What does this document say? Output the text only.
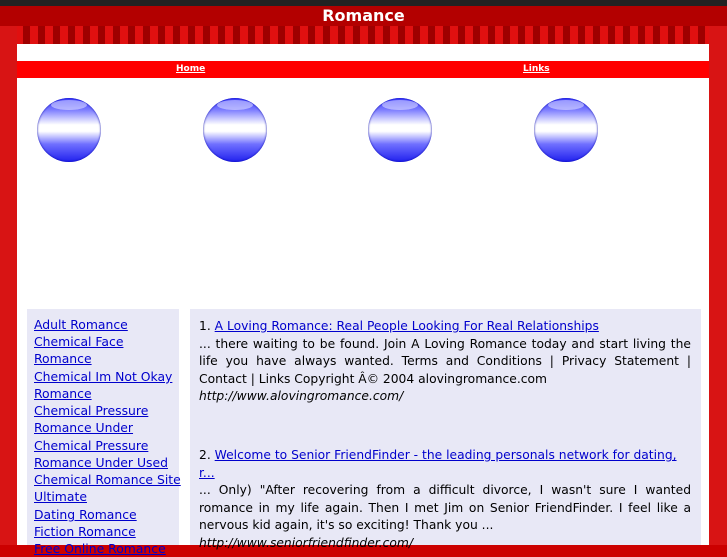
Romance
Home	Links
Adult Romance
Chemical Face
Romance
Chemical Im Not Okay
Romance
Chemical Pressure
Romance Under
Chemical Pressure
Romance Under Used
Chemical Romance Site
Ultimate
Dating Romance
Fiction Romance
Free Online Romance
1. A Loving Romance: Real People Looking For Real Relationships
... there waiting to be found. Join A Loving Romance today and start living the life you have always wanted. Terms and Conditions | Privacy Statement | Contact | Links Copyright Â© 2004 alovingromance.com
http://www.alovingromance.com/
2. Welcome to Senior FriendFinder - the leading personals network for dating, r...
... Only) "After recovering from a difficult divorce, I wasn't sure I wanted romance in my life again. Then I met Jim on Senior FriendFinder. I feel like a nervous kid again, it's so exciting! Thank you ...
http://www.seniorfriendfinder.com/
